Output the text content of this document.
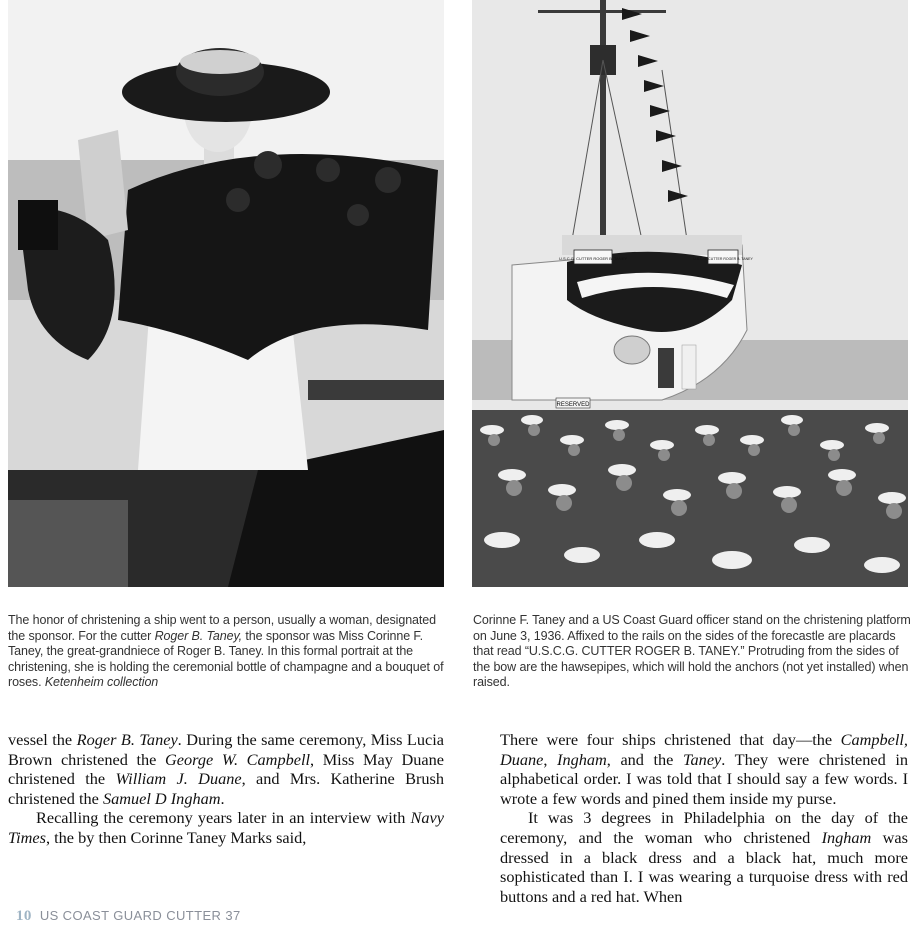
U.S.C.G. CUTTER ROGER B. TANEY	U.S.C.G. CUTTER ROGER B. TANEY
RESERVED
The honor of christening a ship went to a person, usually a woman, designated the sponsor. For the cutter Roger B. Taney, the sponsor was Miss Corinne F. Taney, the great-grandniece of Roger B. Taney. In this formal portrait at the christening, she is holding the ceremonial bottle of champagne and a bouquet of roses. Ketenheim collection
Corinne F. Taney and a US Coast Guard officer stand on the christening platform on June 3, 1936. Affixed to the rails on the sides of the forecastle are placards that read “U.S.C.G. CUTTER ROGER B. TANEY.” Protruding from the sides of the bow are the hawsepipes, which will hold the anchors (not yet installed) when raised.

vessel the Roger B. Taney. During the same ceremony, Miss Lucia Brown christened the George W. Campbell, Miss May Duane christened the William J. Duane, and Mrs. Katherine Brush christened the Samuel D Ingham.

Recalling the ceremony years later in an interview with Navy Times, the by then Corinne Taney Marks said,

There were four ships christened that day—the Campbell, Duane, Ingham, and the Taney. They were christened in alphabetical order. I was told that I should say a few words. I wrote a few words and pined them inside my purse.

It was 3 degrees in Philadelphia on the day of the ceremony, and the woman who christened Ingham was dressed in a black dress and a black hat, much more sophisticated than I. I was wearing a turquoise dress with red buttons and a red hat. When

10 US COAST GUARD CUTTER 37
